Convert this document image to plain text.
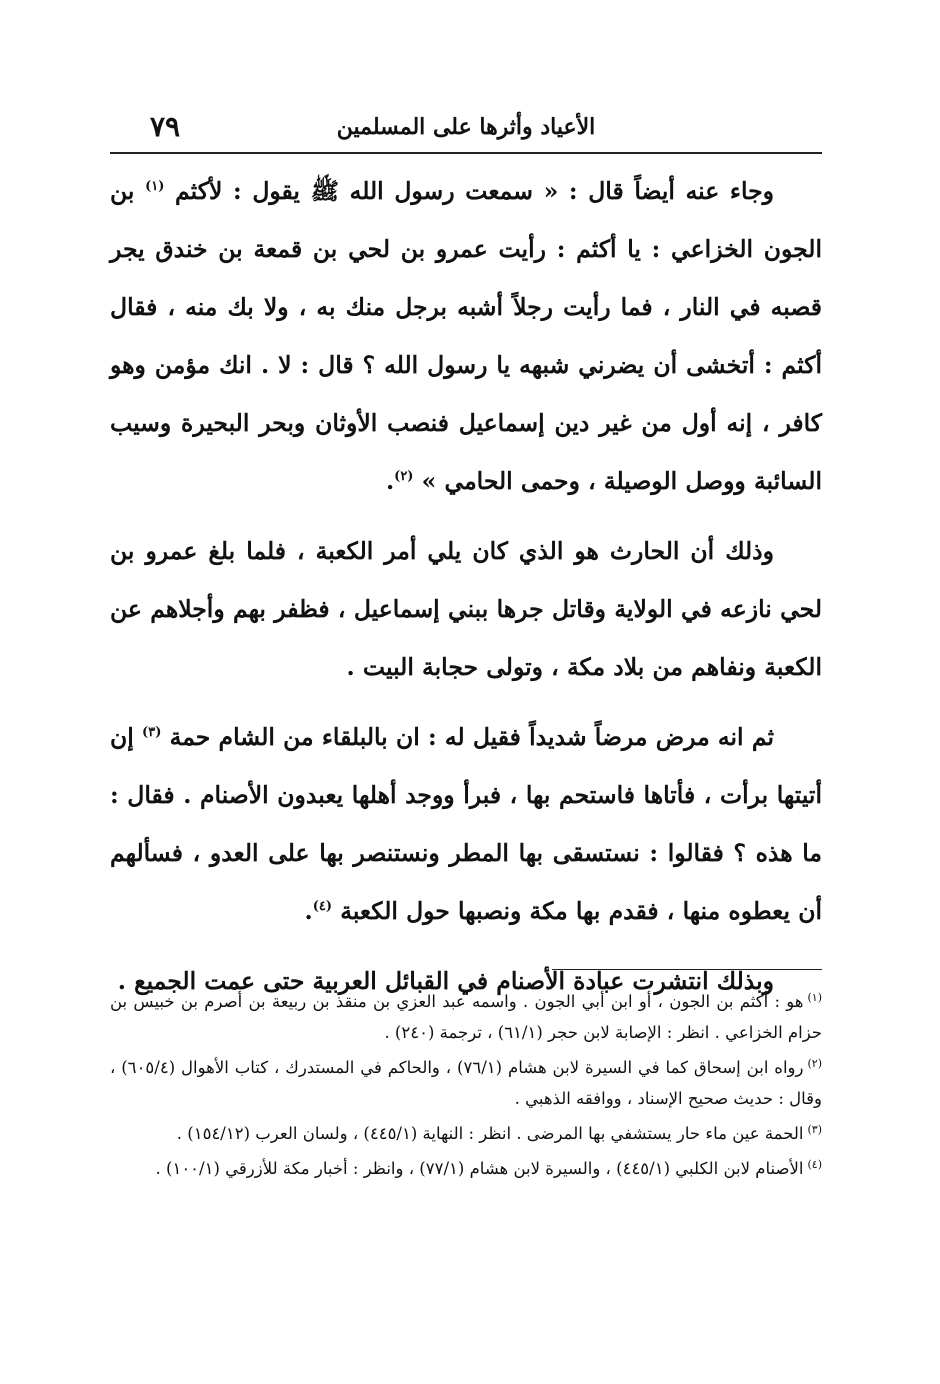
الأعياد وأثرها على المسلمين
٧٩

وجاء عنه أيضاً قال : « سمعت رسول الله ﷺ يقول : لأكثم $^{(١)}$ بن الجون الخزاعي : يا أكثم : رأيت عمرو بن لحي بن قمعة بن خندق يجر قصبه في النار ، فما رأيت رجلاً أشبه برجل منك به ، ولا بك منه ، فقال أكثم : أتخشى أن يضرني شبهه يا رسول الله ؟ قال : لا . انك مؤمن وهو كافر ، إنه أول من غير دين إسماعيل فنصب الأوثان وبحر البحيرة وسيب السائبة ووصل الوصيلة ، وحمى الحامي » $^{(٢)}$.

وذلك أن الحارث هو الذي كان يلي أمر الكعبة ، فلما بلغ عمرو بن لحي نازعه في الولاية وقاتل جرها ببني إسماعيل ، فظفر بهم وأجلاهم عن الكعبة ونفاهم من بلاد مكة ، وتولى حجابة البيت .

ثم انه مرض مرضاً شديداً فقيل له : ان بالبلقاء من الشام حمة $^{(٣)}$ إن أتيتها برأت ، فأتاها فاستحم بها ، فبرأ ووجد أهلها يعبدون الأصنام . فقال : ما هذه ؟ فقالوا : نستسقى بها المطر ونستنصر بها على العدو ، فسألهم أن يعطوه منها ، فقدم بها مكة ونصبها حول الكعبة $^{(٤)}$.

وبذلك انتشرت عبادة الأصنام في القبائل العربية حتى عمت الجميع .

$^{(١)}$هو : أكثم بن الجون ، أو ابن أبي الجون . واسمه عبد العزي بن منقذ بن ربيعة بن أصرم بن خبيس بن حزام الخزاعي . انظر : الإصابة لابن حجر (٦١/١) ، ترجمة (٢٤٠) .

$^{(٢)}$رواه ابن إسحاق كما في السيرة لابن هشام (٧٦/١) ، والحاكم في المستدرك ، كتاب الأهوال (٦٠٥/٤) ، وقال : حديث صحيح الإسناد ، ووافقه الذهبي .

$^{(٣)}$الحمة عين ماء حار يستشفي بها المرضى . انظر : النهاية (٤٤٥/١) ، ولسان العرب (١٥٤/١٢) .

$^{(٤)}$الأصنام لابن الكلبي (٤٤٥/١) ، والسيرة لابن هشام (٧٧/١) ، وانظر : أخبار مكة للأزرقي (١٠٠/١) .
